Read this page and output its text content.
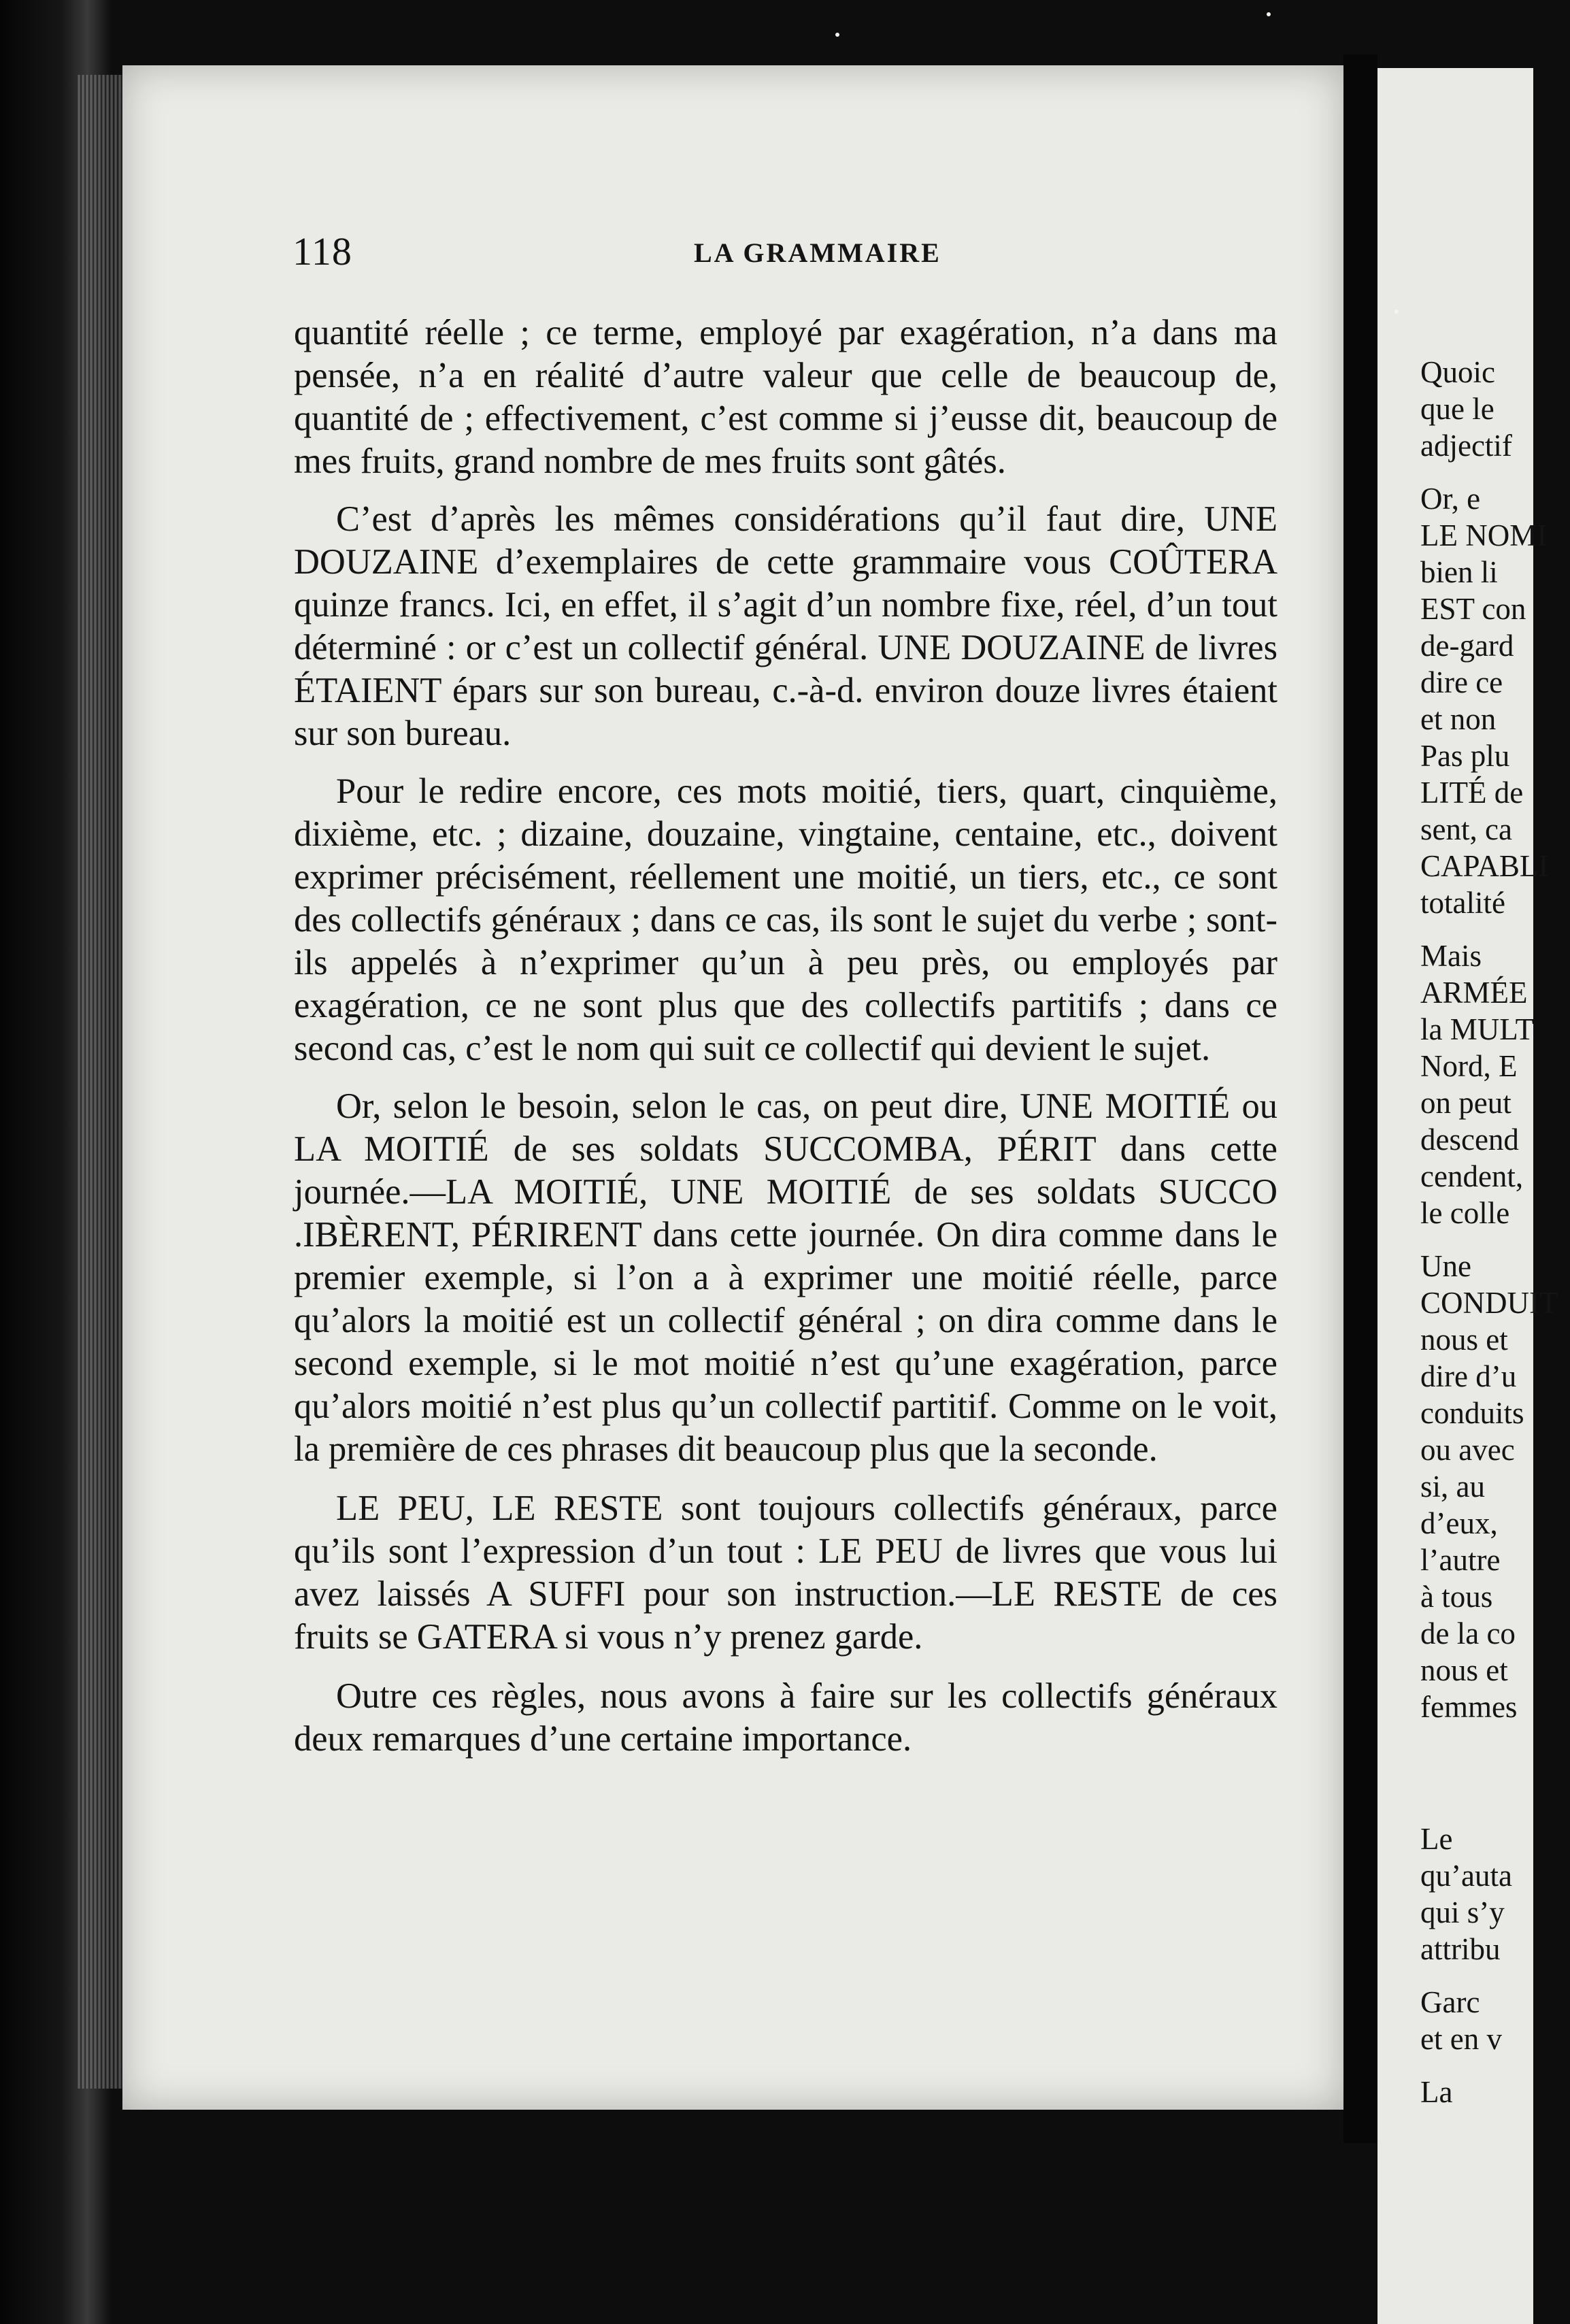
118	LA GRAMMAIRE

quantité réelle ; ce terme, employé par exagération, n’a dans ma pensée, n’a en réalité d’autre valeur que celle de beaucoup de, quantité de ; effectivement, c’est comme si j’eusse dit, beaucoup de mes fruits, grand nombre de mes fruits sont gâtés.

C’est d’après les mêmes considérations qu’il faut dire, UNE DOUZAINE d’exemplaires de cette grammaire vous COÛTERA quinze francs. Ici, en effet, il s’agit d’un nombre fixe, réel, d’un tout déterminé : or c’est un collectif général. UNE DOUZAINE de livres ÉTAIENT épars sur son bureau, c.-à-d. environ douze livres étaient sur son bureau.

Pour le redire encore, ces mots moitié, tiers, quart, cinquième, dixième, etc. ; dizaine, douzaine, vingtaine, centaine, etc., doivent exprimer précisément, réellement une moitié, un tiers, etc., ce sont des collectifs généraux ; dans ce cas, ils sont le sujet du verbe ; sont-ils appelés à n’exprimer qu’un à peu près, ou employés par exagération, ce ne sont plus que des collectifs partitifs ; dans ce second cas, c’est le nom qui suit ce collectif qui devient le sujet.

Or, selon le besoin, selon le cas, on peut dire, UNE MOITIÉ ou LA MOITIÉ de ses soldats SUCCOMBA, PÉRIT dans cette journée.—LA MOITIÉ, UNE MOITIÉ de ses soldats SUCCO .IBÈRENT, PÉRIRENT dans cette journée. On dira comme dans le premier exemple, si l’on a à exprimer une moitié réelle, parce qu’alors la moitié est un collectif général ; on dira comme dans le second exemple, si le mot moitié n’est qu’une exagération, parce qu’alors moitié n’est plus qu’un collectif partitif. Comme on le voit, la première de ces phrases dit beaucoup plus que la seconde.

LE PEU, LE RESTE sont toujours collectifs généraux, parce qu’ils sont l’expression d’un tout : LE PEU de livres que vous lui avez laissés A SUFFI pour son instruction.—LE RESTE de ces fruits se GATERA si vous n’y prenez garde.

Outre ces règles, nous avons à faire sur les collectifs généraux deux remarques d’une certaine importance.

Quoic
que le
adjectif
Or, e
LE NOMI
bien li
EST con
de-gard
dire ce
et non
Pas plu
LITÉ de
sent, ca
CAPABLI
totalité
Mais
ARMÉE
la MULT
Nord, E
on peut
descend
cendent,
le colle
Une
CONDUIT
nous et
dire d’u
conduits
ou avec
si, au
d’eux,
l’autre
à tous
de la co
nous et
femmes
Le
qu’auta
qui s’y
attribu
Garc
et en v
La
